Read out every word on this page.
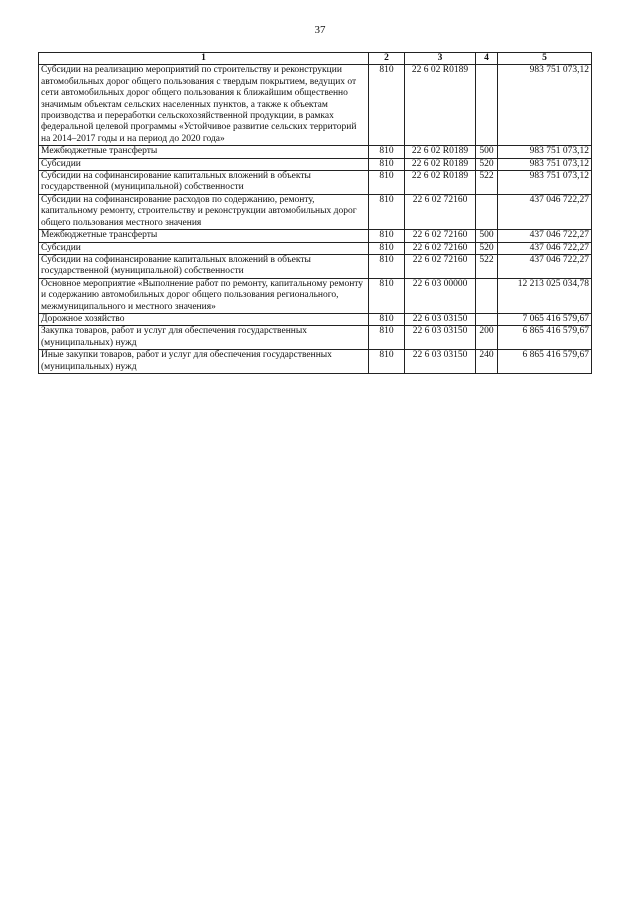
37
1	2	3	4	5
Субсидии на реализацию мероприятий по строительству и реконструкции автомобильных дорог общего пользования с твердым покрытием, ведущих от сети автомобильных дорог общего пользования к ближайшим общественно значимым объектам сельских населенных пунктов, а также к объектам производства и переработки сельскохозяйственной продукции, в рамках федеральной целевой программы «Устойчивое развитие сельских территорий на 2014–2017 годы и на период до 2020 года»	810	22 6 02 R0189		983 751 073,12
Межбюджетные трансферты	810	22 6 02 R0189	500	983 751 073,12
Субсидии	810	22 6 02 R0189	520	983 751 073,12
Субсидии на софинансирование капитальных вложений в объекты государственной (муниципальной) собственности	810	22 6 02 R0189	522	983 751 073,12
Субсидии на софинансирование расходов по содержанию, ремонту, капитальному ремонту, строительству и реконструкции автомобильных дорог общего пользования местного значения	810	22 6 02 72160		437 046 722,27
Межбюджетные трансферты	810	22 6 02 72160	500	437 046 722,27
Субсидии	810	22 6 02 72160	520	437 046 722,27
Субсидии на софинансирование капитальных вложений в объекты государственной (муниципальной) собственности	810	22 6 02 72160	522	437 046 722,27
Основное мероприятие «Выполнение работ по ремонту, капитальному ремонту и содержанию автомобильных дорог общего пользования регионального, межмуниципального и местного значения»	810	22 6 03 00000		12 213 025 034,78
Дорожное хозяйство	810	22 6 03 03150		7 065 416 579,67
Закупка товаров, работ и услуг для обеспечения государственных (муниципальных) нужд	810	22 6 03 03150	200	6 865 416 579,67
Иные закупки товаров, работ и услуг для обеспечения государственных (муниципальных) нужд	810	22 6 03 03150	240	6 865 416 579,67
